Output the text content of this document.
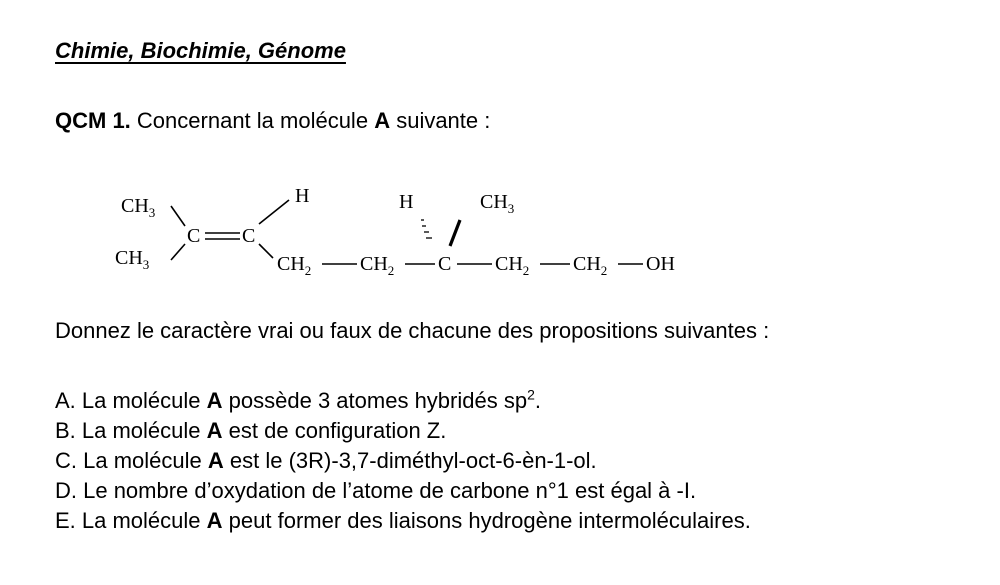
Chimie, Biochimie, Génome
QCM 1. Concernant la molécule A suivante :
$CH_3$
$CH_3$
C C
H
$CH_2$ $CH_2$ C
H	$CH_3$
$CH_2$ $CH_2$ OH
Donnez le caractère vrai ou faux de chacune des propositions suivantes :
A. La molécule A possède 3 atomes hybridés $sp^2$.
B. La molécule A est de configuration Z.
C. La molécule A est le (3R)-3,7-diméthyl-oct-6-èn-1-ol.
D. Le nombre d’oxydation de l’atome de carbone n°1 est égal à -I.
E. La molécule A peut former des liaisons hydrogène intermoléculaires.
